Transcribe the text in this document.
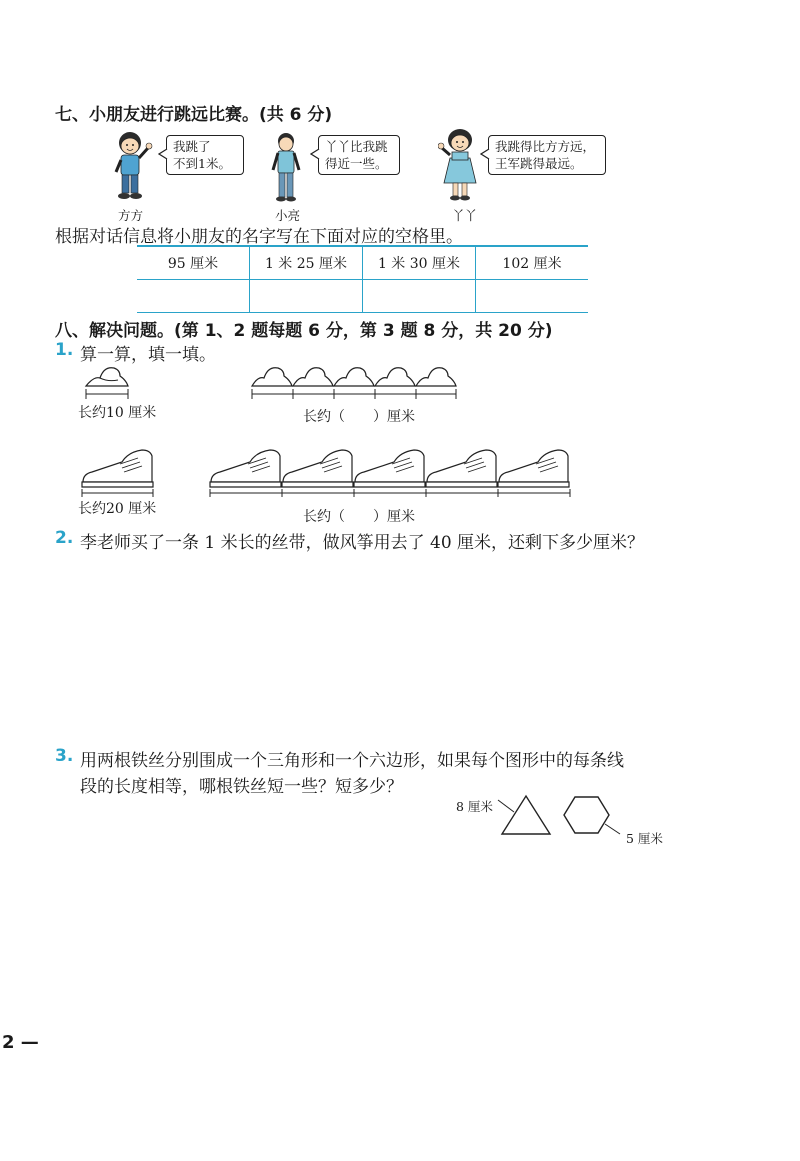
七、小朋友进行跳远比赛。(共 6 分)
方方
我跳了
不到1米。
小亮
丫丫比我跳
得近一些。
丫丫
我跳得比方方远，
王军跳得最远。
根据对话信息将小朋友的名字写在下面对应的空格里。
95 厘米	1 米 25 厘米	1 米 30 厘米	102 厘米

八、解决问题。(第 1、2 题每题 6 分，第 3 题 8 分，共 20 分)
1. 算一算，填一填。
长约10 厘米	长约（　　）厘米
长约20 厘米	长约（　　）厘米
2. 李老师买了一条 1 米长的丝带，做风筝用去了 40 厘米，还剩下多少厘米？
3. 用两根铁丝分别围成一个三角形和一个六边形，如果每个图形中的每条线
段的长度相等，哪根铁丝短一些？短多少？
8 厘米
5 厘米
2 —
